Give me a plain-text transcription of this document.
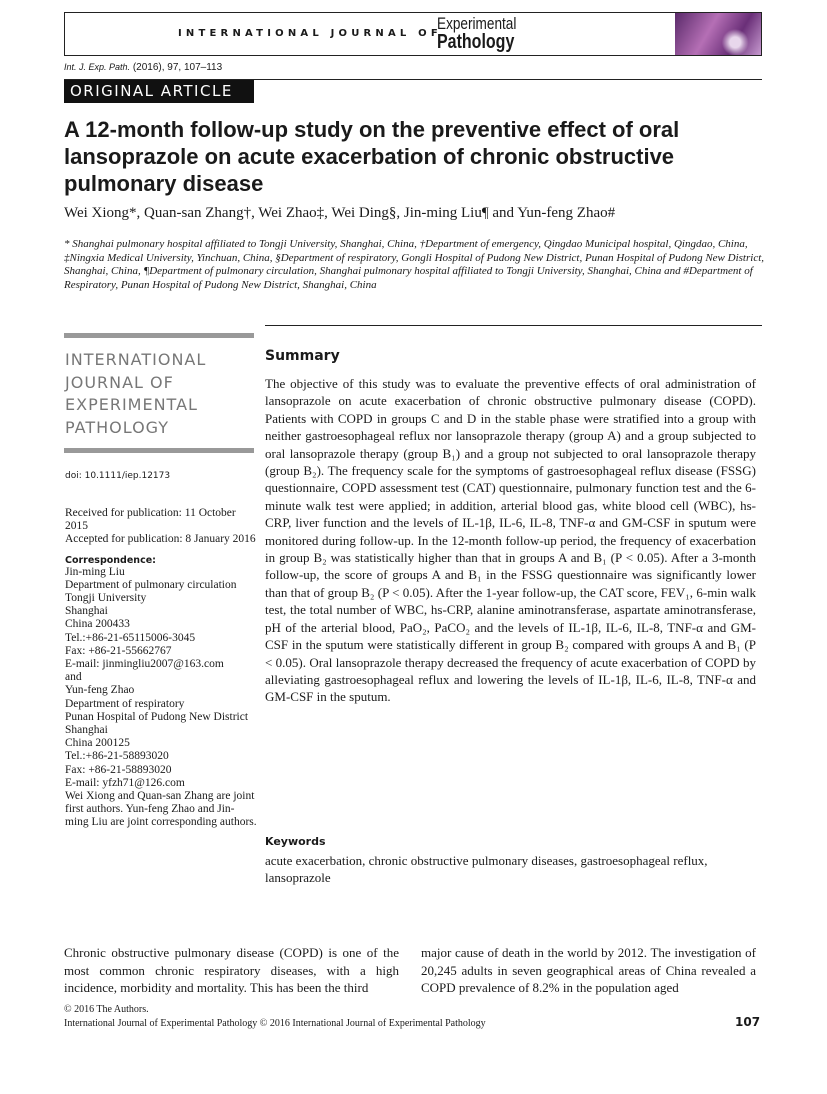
INTERNATIONAL JOURNAL OF
Experimental
Pathology
Int. J. Exp. Path. (2016), 97, 107–113
ORIGINAL ARTICLE
A 12-month follow-up study on the preventive effect of oral lansoprazole on acute exacerbation of chronic obstructive pulmonary disease
Wei Xiong*, Quan-san Zhang†, Wei Zhao‡, Wei Ding§, Jin-ming Liu¶ and Yun-feng Zhao#
* Shanghai pulmonary hospital affiliated to Tongji University, Shanghai, China, †Department of emergency, Qingdao Municipal hospital, Qingdao, China, ‡Ningxia Medical University, Yinchuan, China, §Department of respiratory, Gongli Hospital of Pudong New District, Punan Hospital of Pudong New District, Shanghai, China, ¶Department of pulmonary circulation, Shanghai pulmonary hospital affiliated to Tongji University, Shanghai, China and #Department of Respiratory, Punan Hospital of Pudong New District, Shanghai, China
INTERNATIONAL JOURNAL OF EXPERIMENTAL PATHOLOGY
doi: 10.1111/iep.12173
Received for publication: 11 October 2015
Accepted for publication: 8 January 2016
Correspondence:
Jin-ming Liu
Department of pulmonary circulation
Tongji University
Shanghai
China 200433
Tel.:+86-21-65115006-3045
Fax: +86-21-55662767
E-mail: jinmingliu2007@163.com
and
Yun-feng Zhao
Department of respiratory
Punan Hospital of Pudong New District
Shanghai
China 200125
Tel.:+86-21-58893020
Fax: +86-21-58893020
E-mail: yfzh71@126.com
Wei Xiong and Quan-san Zhang are joint first authors. Yun-feng Zhao and Jin-ming Liu are joint corresponding authors.
Summary
The objective of this study was to evaluate the preventive effects of oral administration of lansoprazole on acute exacerbation of chronic obstructive pulmonary disease (COPD). Patients with COPD in groups C and D in the stable phase were stratified into a group with neither gastroesophageal reflux nor lansoprazole therapy (group A) and a group subjected to oral lansoprazole therapy (group B₁) and a group not subjected to oral lansoprazole therapy (group B₂). The frequency scale for the symptoms of gastroesophageal reflux disease (FSSG) questionnaire, COPD assessment test (CAT) questionnaire, pulmonary function test and the 6-minute walk test were applied; in addition, arterial blood gas, white blood cell (WBC), hs-CRP, liver function and the levels of IL-1β, IL-6, IL-8, TNF-α and GM-CSF in sputum were monitored during follow-up. In the 12-month follow-up period, the frequency of exacerbation in group B₂ was statistically higher than that in groups A and B₁ (P < 0.05). After a 3-month follow-up, the score of groups A and B₁ in the FSSG questionnaire was significantly lower than that of group B₂ (P < 0.05). After the 1-year follow-up, the CAT score, FEV₁, 6-min walk test, the total number of WBC, hs-CRP, alanine aminotransferase, aspartate aminotransferase, pH of the arterial blood, PaO₂, PaCO₂ and the levels of IL-1β, IL-6, IL-8, TNF-α and GM-CSF in the sputum were statistically different in group B₂ compared with groups A and B₁ (P < 0.05). Oral lansoprazole therapy decreased the frequency of acute exacerbation of COPD by alleviating gastroesophageal reflux and lowering the levels of IL-1β, IL-6, IL-8, TNF-α and GM-CSF in the sputum.
Keywords
acute exacerbation, chronic obstructive pulmonary diseases, gastroesophageal reflux, lansoprazole
Chronic obstructive pulmonary disease (COPD) is one of the most common chronic respiratory diseases, with a high incidence, morbidity and mortality. This has been the third
major cause of death in the world by 2012. The investigation of 20,245 adults in seven geographical areas of China revealed a COPD prevalence of 8.2% in the population aged
© 2016 The Authors.
International Journal of Experimental Pathology © 2016 International Journal of Experimental Pathology	107
